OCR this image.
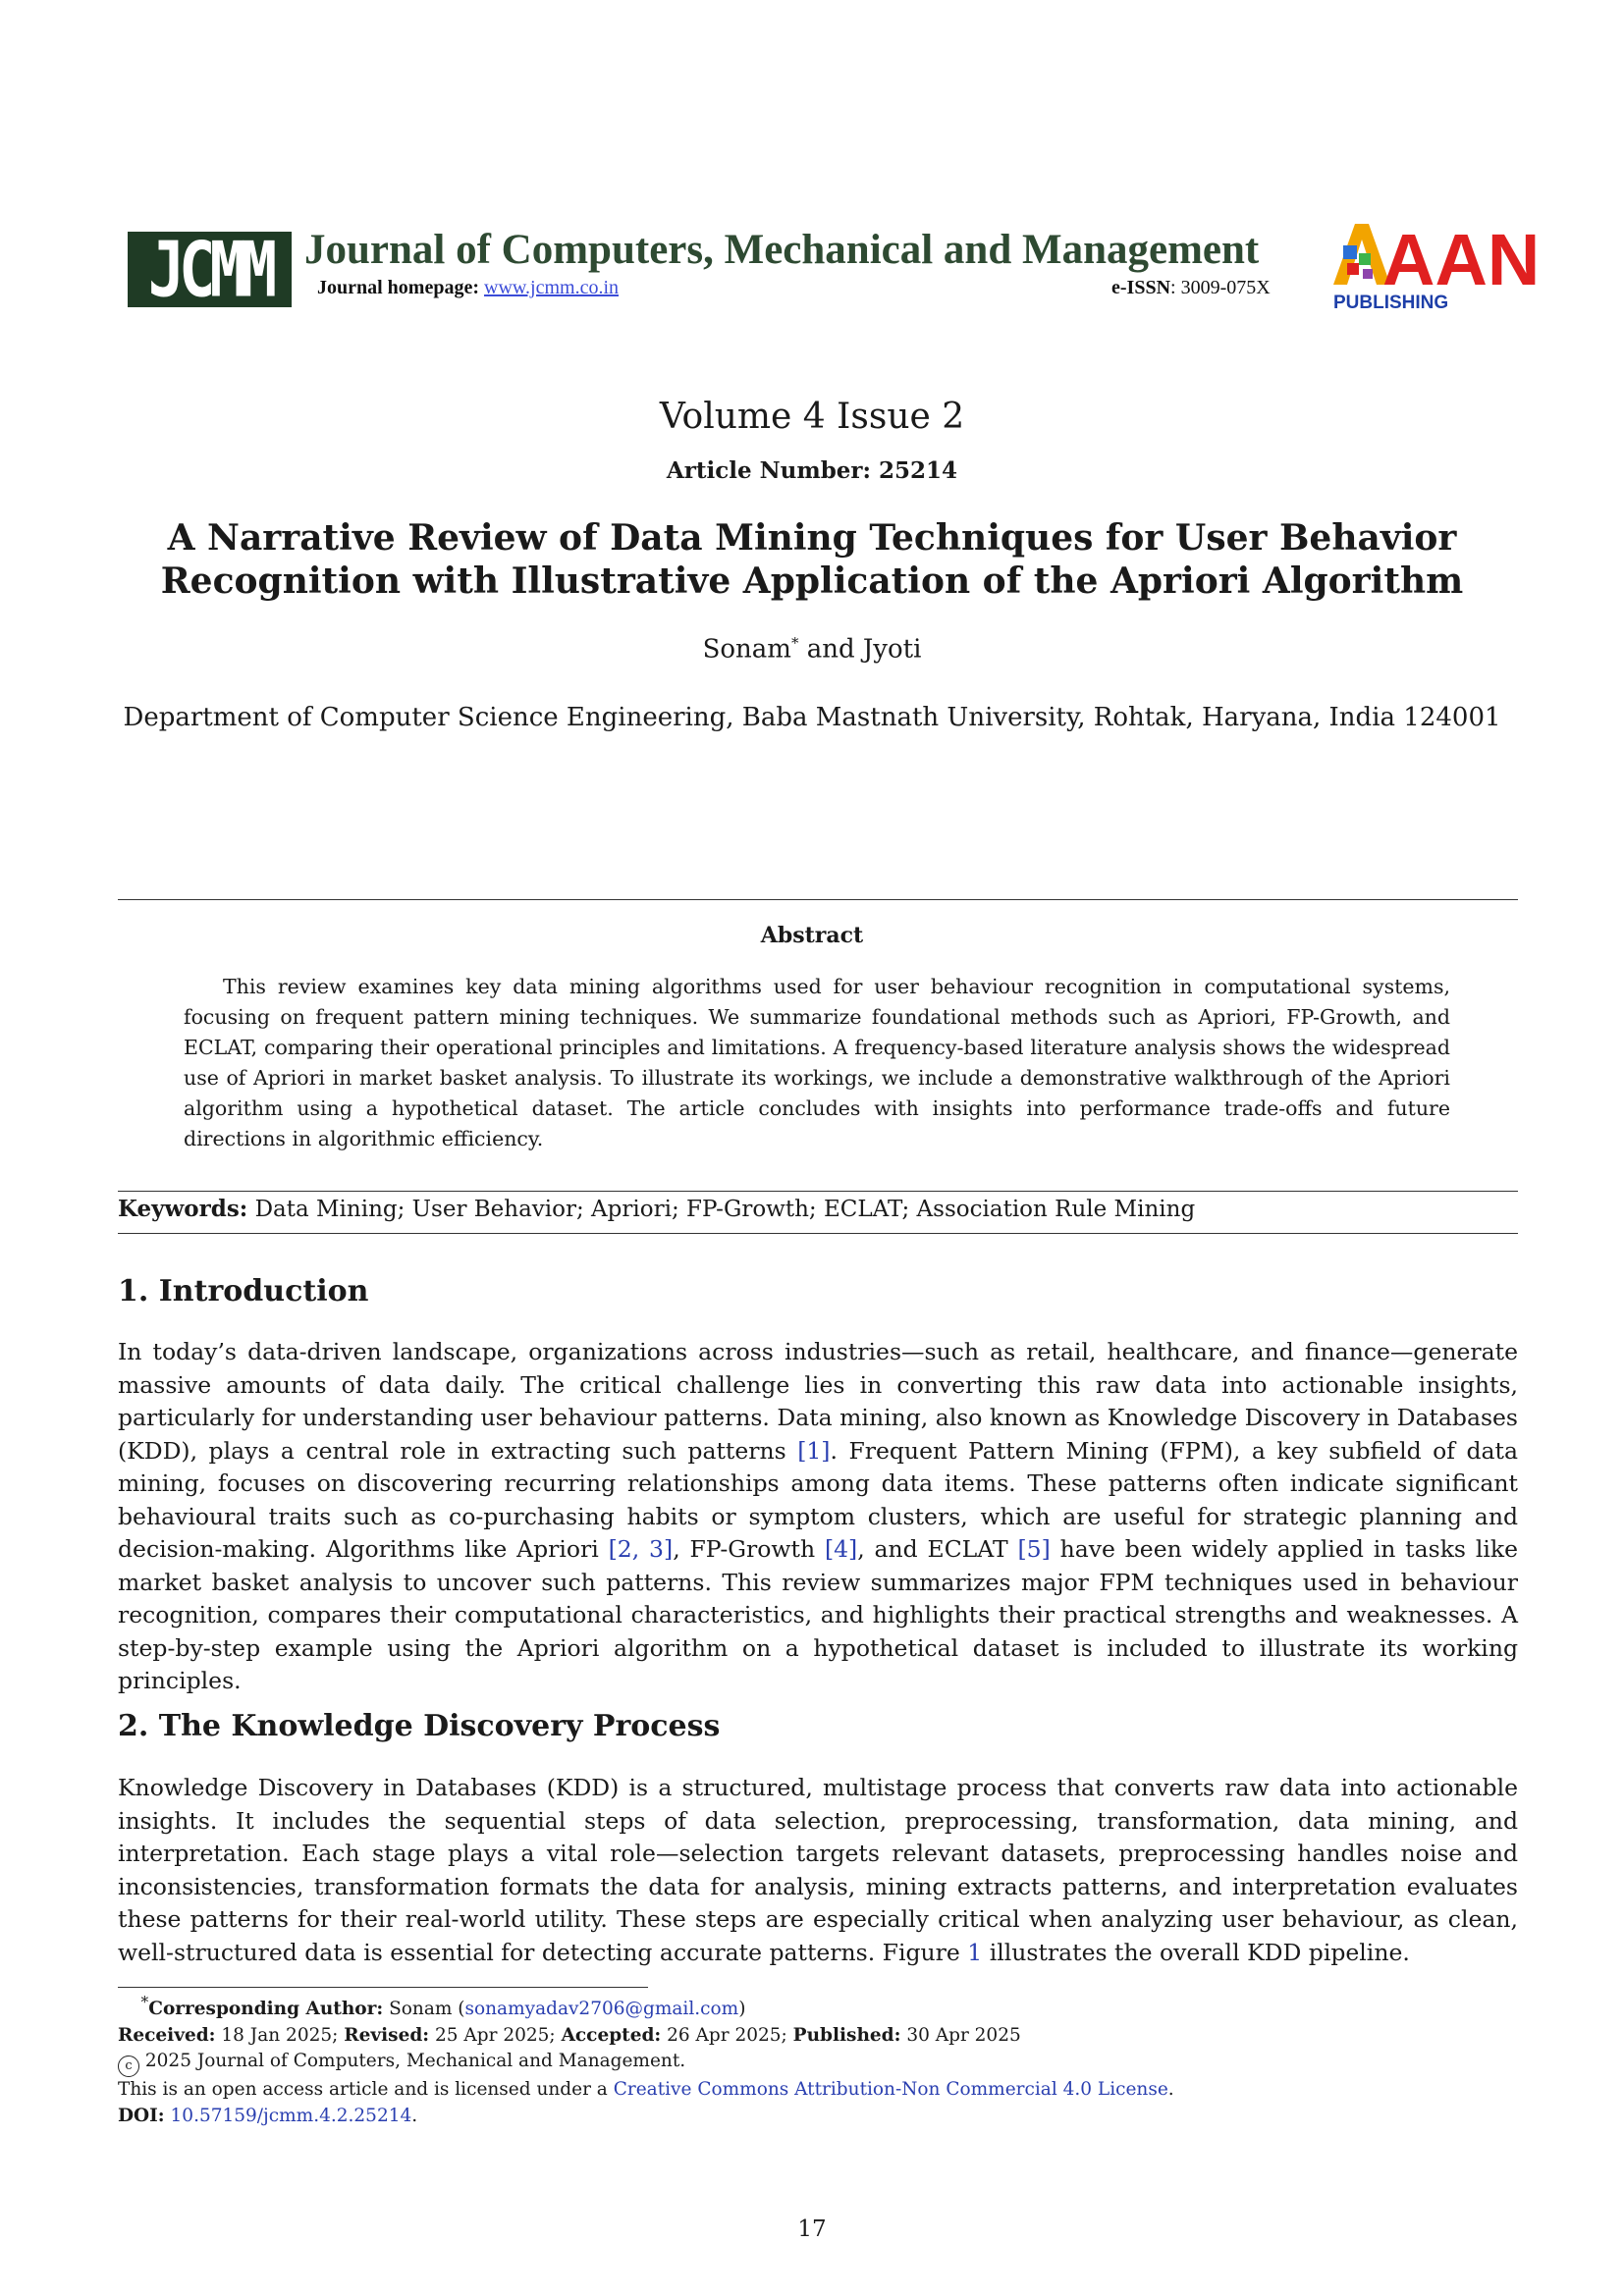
JCMM Journal of Computers, Mechanical and Management
Journal homepage: www.jcmm.co.in	e-ISSN: 3009-075X AAN
PUBLISHING
Volume 4 Issue 2
Article Number: 25214
A Narrative Review of Data Mining Techniques for User Behavior
Recognition with Illustrative Application of the Apriori Algorithm
Sonam* and Jyoti
Department of Computer Science Engineering, Baba Mastnath University, Rohtak, Haryana, India 124001
Abstract
This review examines key data mining algorithms used for user behaviour recognition in computational systems, focusing on frequent pattern mining techniques. We summarize foundational methods such as Apriori, FP-Growth, and ECLAT, comparing their operational principles and limitations. A frequency-based literature analysis shows the widespread use of Apriori in market basket analysis. To illustrate its workings, we include a demonstrative walkthrough of the Apriori algorithm using a hypothetical dataset. The article concludes with insights into performance trade-offs and future directions in algorithmic efficiency.
Keywords: Data Mining; User Behavior; Apriori; FP-Growth; ECLAT; Association Rule Mining
1. Introduction
In today’s data-driven landscape, organizations across industries—such as retail, healthcare, and finance—generate massive amounts of data daily. The critical challenge lies in converting this raw data into actionable insights, particularly for understanding user behaviour patterns. Data mining, also known as Knowledge Discovery in Databases (KDD), plays a central role in extracting such patterns [1]. Frequent Pattern Mining (FPM), a key subfield of data mining, focuses on discovering recurring relationships among data items. These patterns often indicate significant behavioural traits such as co-purchasing habits or symptom clusters, which are useful for strategic planning and decision-making. Algorithms like Apriori [2, 3], FP-Growth [4], and ECLAT [5] have been widely applied in tasks like market basket analysis to uncover such patterns. This review summarizes major FPM techniques used in behaviour recognition, compares their computational characteristics, and highlights their practical strengths and weaknesses. A step-by-step example using the Apriori algorithm on a hypothetical dataset is included to illustrate its working principles.
2. The Knowledge Discovery Process
Knowledge Discovery in Databases (KDD) is a structured, multistage process that converts raw data into actionable insights. It includes the sequential steps of data selection, preprocessing, transformation, data mining, and interpretation. Each stage plays a vital role—selection targets relevant datasets, preprocessing handles noise and inconsistencies, transformation formats the data for analysis, mining extracts patterns, and interpretation evaluates these patterns for their real-world utility. These steps are especially critical when analyzing user behaviour, as clean, well-structured data is essential for detecting accurate patterns. Figure 1 illustrates the overall KDD pipeline.
*Corresponding Author: Sonam (sonamyadav2706@gmail.com)
Received: 18 Jan 2025; Revised: 25 Apr 2025; Accepted: 26 Apr 2025; Published: 30 Apr 2025
c 2025 Journal of Computers, Mechanical and Management.
This is an open access article and is licensed under a Creative Commons Attribution-Non Commercial 4.0 License.
DOI: 10.57159/jcmm.4.2.25214.
17
